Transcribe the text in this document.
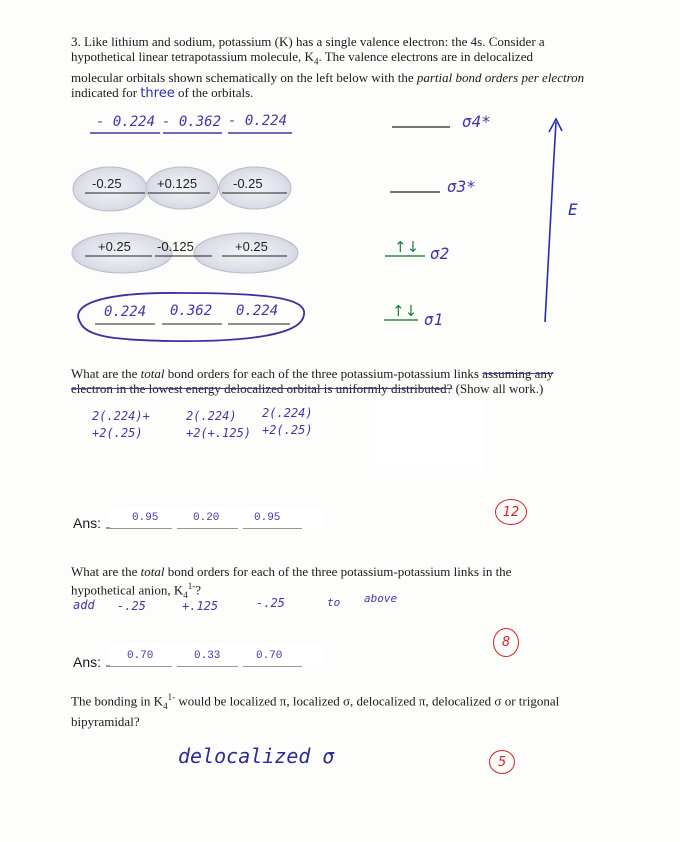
3. Like lithium and sodium, potassium (K) has a single valence electron: the 4s. Consider a
hypothetical linear tetrapotassium molecule, $K_4$. The valence electrons are in delocalized
molecular orbitals shown schematically on the left below with the partial bond orders per electron
indicated for three of the orbitals.
- 0.224 - 0.362 - 0.224
-0.25	+0.125	-0.25
+0.25 -0.125	+0.25
0.224 0.362 0.224
σ4*
σ3*
σ2
σ1
↑↓
↑↓
E
What are the total bond orders for each of the three potassium-potassium links assuming any
electron in the lowest energy delocalized orbital is uniformly distributed? (Show all work.)
2(.224)+
+2(.25)
2(.224)
+2(+.125)
2(.224)
+2(.25)
Ans:	0.95	0.20	0.95	12
What are the total bond orders for each of the three potassium-potassium links in the
hypothetical anion, $K_4^{1-}$?
add -.25	+.125	-.25	to above
Ans: 0.70	0.33	0.70
8
The bonding in $K_4^{1-}$ would be localized π, localized σ, delocalized π, delocalized σ or trigonal
bipyramidal?
delocalized σ	5
